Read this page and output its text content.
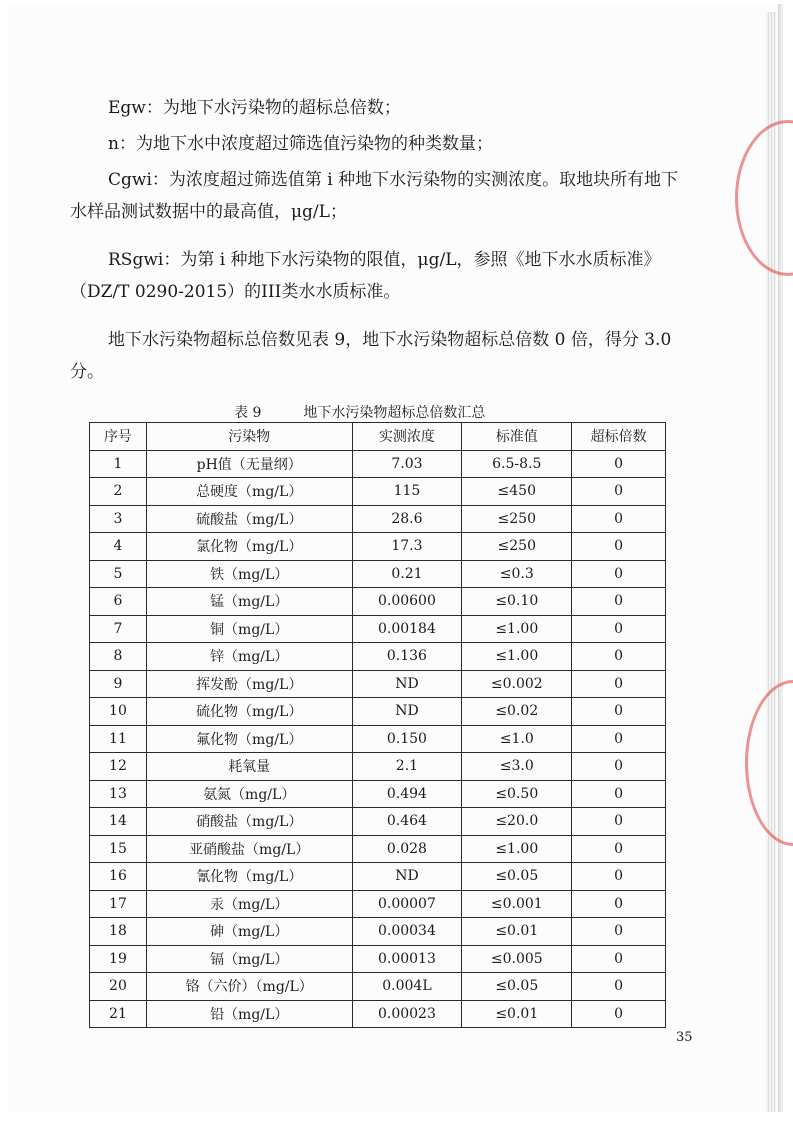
Egw：为地下水污染物的超标总倍数；

n：为地下水中浓度超过筛选值污染物的种类数量；

Cgwi：为浓度超过筛选值第 i 种地下水污染物的实测浓度。取地块所有地下水样品测试数据中的最高值，μg/L；

RSgwi：为第 i 种地下水污染物的限值，μg/L，参照《地下水水质标准》（DZ/T 0290-2015）的III类水水质标准。

地下水污染物超标总倍数见表 9，地下水污染物超标总倍数 0 倍，得分 3.0 分。

表 9	地下水污染物超标总倍数汇总
序号	污染物	实测浓度	标准值	超标倍数
1	pH值（无量纲）	7.03	6.5-8.5	0
2	总硬度（mg/L）	115	≤450	0
3	硫酸盐（mg/L）	28.6	≤250	0
4	氯化物（mg/L）	17.3	≤250	0
5	铁（mg/L）	0.21	≤0.3	0
6	锰（mg/L）	0.00600	≤0.10	0
7	铜（mg/L）	0.00184	≤1.00	0
8	锌（mg/L）	0.136	≤1.00	0
9	挥发酚（mg/L）	ND	≤0.002	0
10	硫化物（mg/L）	ND	≤0.02	0
11	氟化物（mg/L）	0.150	≤1.0	0
12	耗氧量	2.1	≤3.0	0
13	氨氮（mg/L）	0.494	≤0.50	0
14	硝酸盐（mg/L）	0.464	≤20.0	0
15	亚硝酸盐（mg/L）	0.028	≤1.00	0
16	氰化物（mg/L）	ND	≤0.05	0
17	汞（mg/L）	0.00007	≤0.001	0
18	砷（mg/L）	0.00034	≤0.01	0
19	镉（mg/L）	0.00013	≤0.005	0
20	铬（六价）（mg/L）	0.004L	≤0.05	0
21	铅（mg/L）	0.00023	≤0.01	0
35
